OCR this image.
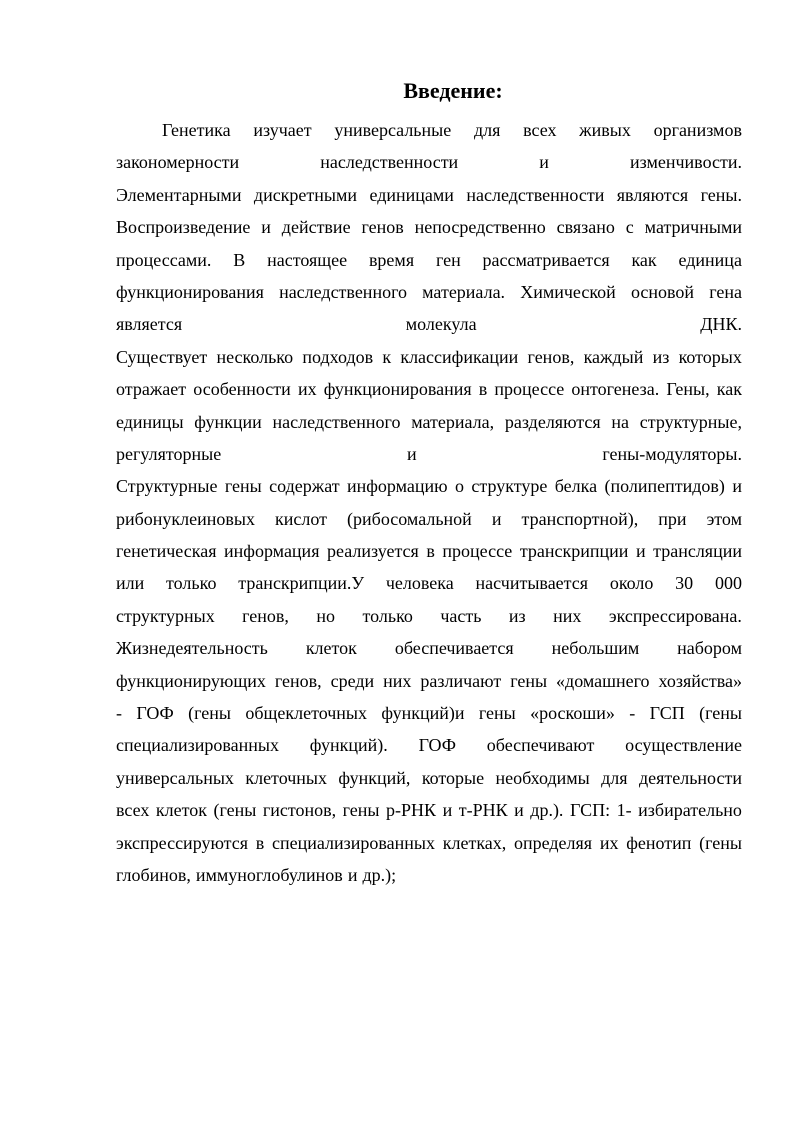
Введение:
Генетика изучает универсальные для всех живых организмов
закономерности	наследственности	и	изменчивости.
Элементарными дискретными единицами наследственности являются гены.
Воспроизведение и действие генов непосредственно связано с матричными
процессами. В настоящее время ген рассматривается как единица
функционирования наследственного материала. Химической основой гена
является	молекула	ДНК.
Существует несколько подходов к классификации генов, каждый из которых
отражает особенности их функционирования в процессе онтогенеза. Гены, как
единицы функции наследственного материала, разделяются на структурные,
регуляторные	и	гены-модуляторы.
Структурные гены содержат информацию о структуре белка (полипептидов) и
рибонуклеиновых кислот (рибосомальной и транспортной), при этом
генетическая информация реализуется в процессе транскрипции и трансляции
или только транскрипции.У человека насчитывается около 30 000
структурных генов, но только часть из них экспрессирована.
Жизнедеятельность клеток обеспечивается небольшим набором
функционирующих генов, среди них различают гены «домашнего хозяйства»
- ГОФ (гены общеклеточных функций)и гены «роскоши» - ГСП (гены
специализированных функций). ГОФ обеспечивают осуществление
универсальных клеточных функций, которые необходимы для деятельности
всех клеток (гены гистонов, гены р-РНК и т-РНК и др.). ГСП: 1- избирательно
экспрессируются в специализированных клетках, определяя их фенотип (гены
глобинов, иммуноглобулинов и др.);
